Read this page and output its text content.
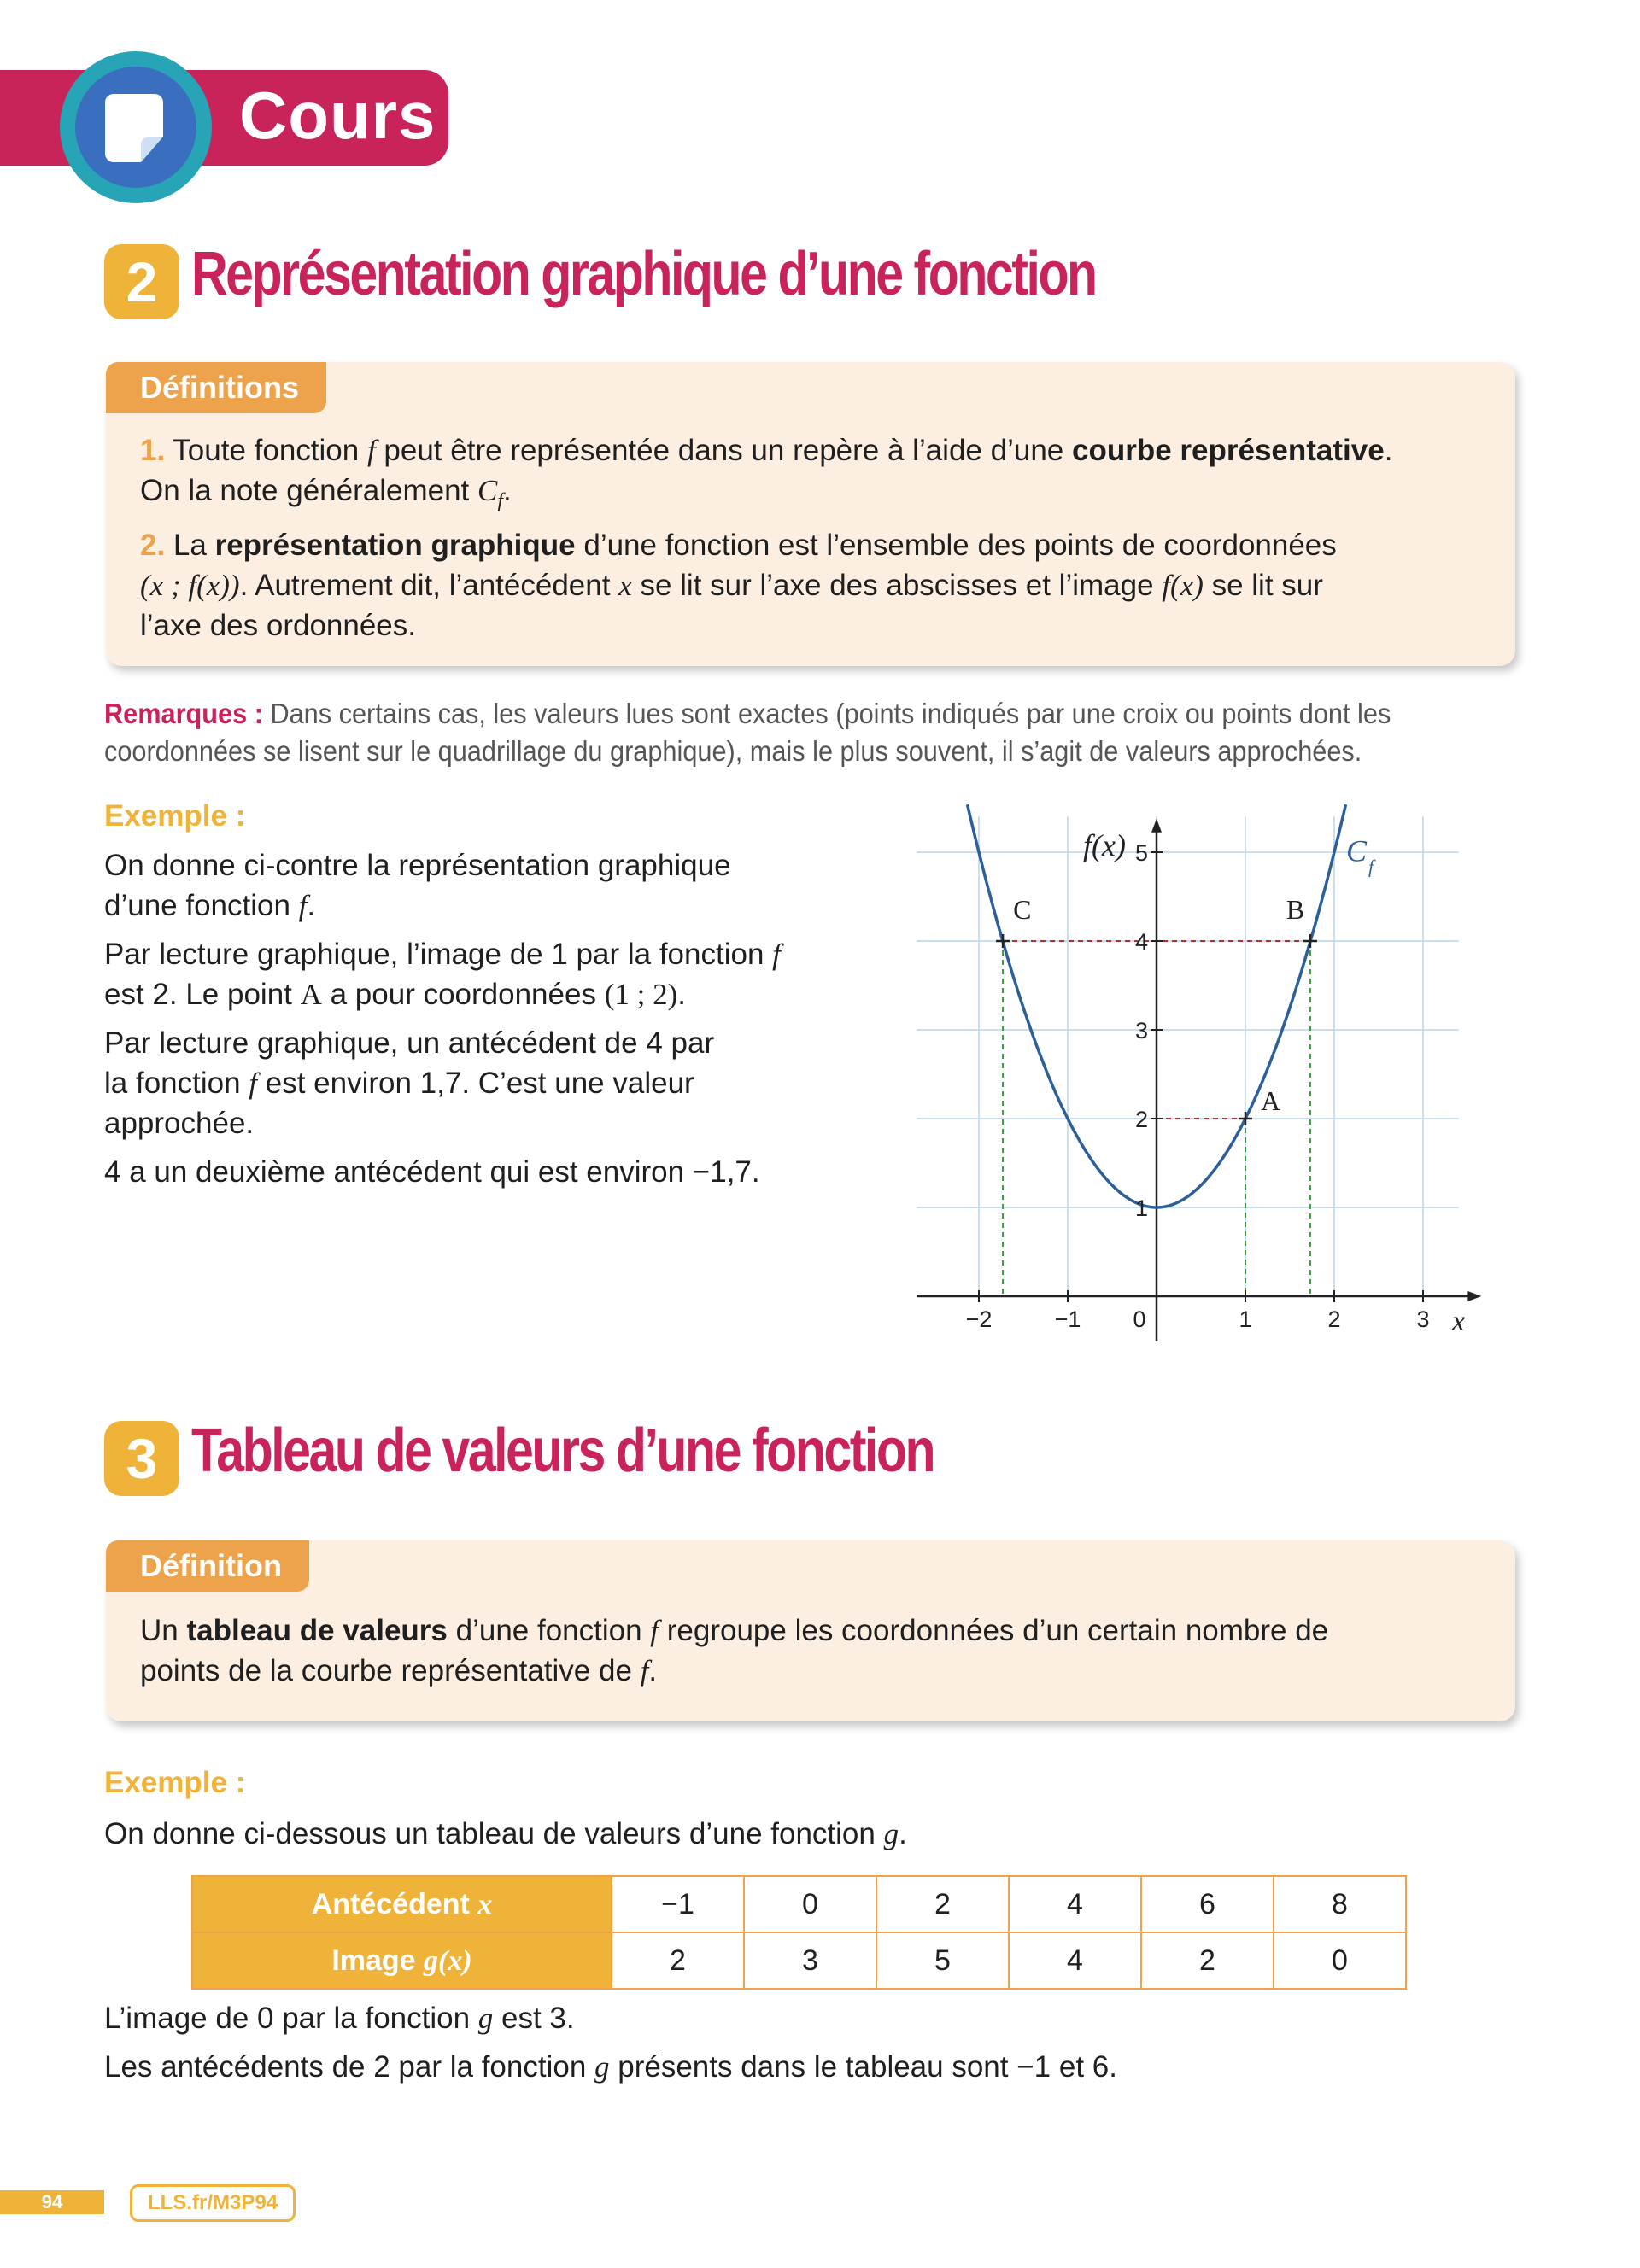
Cours
2 Représentation graphique d’une fonction
Définitions
1. Toute fonction f peut être représentée dans un repère à l’aide d’une courbe représentative.
On la note généralement $C_f$.
2. La représentation graphique d’une fonction est l’ensemble des points de coordonnées
(x ; f(x)). Autrement dit, l’antécédent x se lit sur l’axe des abscisses et l’image f(x) se lit sur
l’axe des ordonnées.
Remarques : Dans certains cas, les valeurs lues sont exactes (points indiqués par une croix ou points dont les coordonnées se lisent sur le quadrillage du graphique), mais le plus souvent, il s’agit de valeurs approchées.
Exemple :
On donne ci-contre la représentation graphique
d’une fonction f.
Par lecture graphique, l’image de 1 par la fonction f
est 2. Le point A a pour coordonnées (1 ; 2).
Par lecture graphique, un antécédent de 4 par
la fonction f est environ 1,7. C’est une valeur
approchée.
4 a un deuxième antécédent qui est environ −1,7.
−2	−1 0	1	2	3
1
2
3
4
5
x
f(x)	C f
A
B
C
3 Tableau de valeurs d’une fonction
Définition
Un tableau de valeurs d’une fonction f regroupe les coordonnées d’un certain nombre de
points de la courbe représentative de f.
Exemple :
On donne ci-dessous un tableau de valeurs d’une fonction g.
Antécédent x	−1	0	2	4	6	8
Image g(x)	2	3	5	4	2	0
L’image de 0 par la fonction g est 3.
Les antécédents de 2 par la fonction g présents dans le tableau sont −1 et 6.
94	LLS.fr/M3P94
